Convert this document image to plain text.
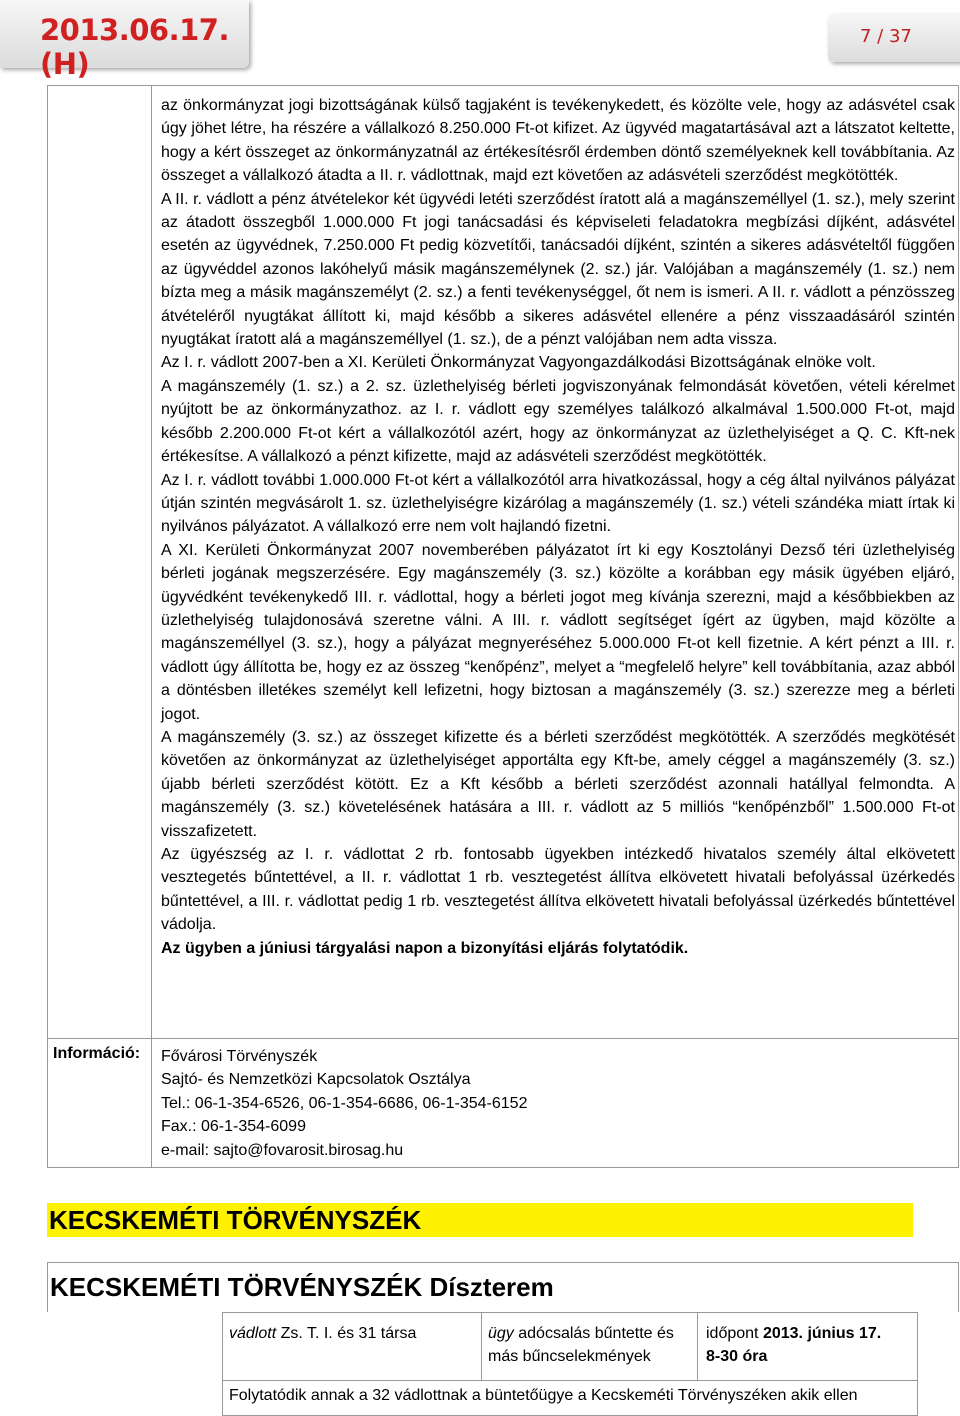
2013.06.17. (H)
7 / 37

az önkormányzat jogi bizottságának külső tagjaként is tevékenykedett, és közölte vele, hogy az adásvétel csak úgy jöhet létre, ha részére a vállalkozó 8.250.000 Ft-ot kifizet. Az ügyvéd magatartásával azt a látszatot keltette, hogy a kért összeget az önkormányzatnál az értékesítésről érdemben döntő személyeknek kell továbbítania. Az összeget a vállalkozó átadta a II. r. vádlottnak, majd ezt követően az adásvételi szerződést megkötötték.

A II. r. vádlott a pénz átvételekor két ügyvédi letéti szerződést íratott alá a magánszeméllyel (1. sz.), mely szerint az átadott összegből 1.000.000 Ft jogi tanácsadási és képviseleti feladatokra megbízási díjként, adásvétel esetén az ügyvédnek, 7.250.000 Ft pedig közvetítői, tanácsadói díjként, szintén a sikeres adásvételtől függően az ügyvéddel azonos lakóhelyű másik magánszemélynek (2. sz.) jár. Valójában a magánszemély (1. sz.) nem bízta meg a másik magánszemélyt (2. sz.) a fenti tevékenységgel, őt nem is ismeri. A II. r. vádlott a pénzösszeg átvételéről nyugtákat állított ki, majd később a sikeres adásvétel ellenére a pénz visszaadásáról szintén nyugtákat íratott alá a magánszeméllyel (1. sz.), de a pénzt valójában nem adta vissza.

Az I. r. vádlott 2007-ben a XI. Kerületi Önkormányzat Vagyongazdálkodási Bizottságának elnöke volt.

A magánszemély (1. sz.) a 2. sz. üzlethelyiség bérleti jogviszonyának felmondását követően, vételi kérelmet nyújtott be az önkormányzathoz. az I. r. vádlott egy személyes találkozó alkalmával 1.500.000 Ft-ot, majd később 2.200.000 Ft-ot kért a vállalkozótól azért, hogy az önkormányzat az üzlethelyiséget a Q. C. Kft-nek értékesítse. A vállalkozó a pénzt kifizette, majd az adásvételi szerződést megkötötték.

Az I. r. vádlott további 1.000.000 Ft-ot kért a vállalkozótól arra hivatkozással, hogy a cég által nyilvános pályázat útján szintén megvásárolt 1. sz. üzlethelyiségre kizárólag a magánszemély (1. sz.) vételi szándéka miatt írtak ki nyilvános pályázatot. A vállalkozó erre nem volt hajlandó fizetni.

A XI. Kerületi Önkormányzat 2007 novemberében pályázatot írt ki egy Kosztolányi Dezső téri üzlethelyiség bérleti jogának megszerzésére. Egy magánszemély (3. sz.) közölte a korábban egy másik ügyében eljáró, ügyvédként tevékenykedő III. r. vádlottal, hogy a bérleti jogot meg kívánja szerezni, majd a későbbiekben az üzlethelyiség tulajdonosává szeretne válni. A III. r. vádlott segítséget ígért az ügyben, majd közölte a magánszeméllyel (3. sz.), hogy a pályázat megnyeréséhez 5.000.000 Ft-ot kell fizetnie. A kért pénzt a III. r. vádlott úgy állította be, hogy ez az összeg “kenőpénz”, melyet a “megfelelő helyre” kell továbbítania, azaz abból a döntésben illetékes személyt kell lefizetni, hogy biztosan a magánszemély (3. sz.) szerezze meg a bérleti jogot.

A magánszemély (3. sz.) az összeget kifizette és a bérleti szerződést megkötötték. A szerződés megkötését követően az önkormányzat az üzlethelyiséget apportálta egy Kft-be, amely céggel a magánszemély (3. sz.) újabb bérleti szerződést kötött. Ez a Kft később a bérleti szerződést azonnali hatállyal felmondta. A magánszemély (3. sz.) követelésének hatására a III. r. vádlott az 5 milliós “kenőpénzből” 1.500.000 Ft-ot visszafizetett.

Az ügyészség az I. r. vádlottat 2 rb. fontosabb ügyekben intézkedő hivatalos személy által elkövetett vesztegetés bűntettével, a II. r. vádlottat 1 rb. vesztegetést állítva elkövetett hivatali befolyással üzérkedés bűntettével, a III. r. vádlottat pedig 1 rb. vesztegetést állítva elkövetett hivatali befolyással üzérkedés bűntettével vádolja.

Az ügyben a júniusi tárgyalási napon a bizonyítási eljárás folytatódik.

Információ: Fővárosi Törvényszék
Sajtó- és Nemzetközi Kapcsolatok Osztálya
Tel.: 06-1-354-6526, 06-1-354-6686, 06-1-354-6152
Fax.: 06-1-354-6099
e-mail: sajto@fovarosit.birosag.hu
KECSKEMÉTI TÖRVÉNYSZÉK
KECSKEMÉTI TÖRVÉNYSZÉK Díszterem
vádlott Zs. T. I. és 31 társa	ügy adócsalás bűntette és
más bűncselekmények
időpont 2013. június 17.
8-30 óra
Folytatódik annak a 32 vádlottnak a büntetőügye a Kecskeméti Törvényszéken akik ellen
